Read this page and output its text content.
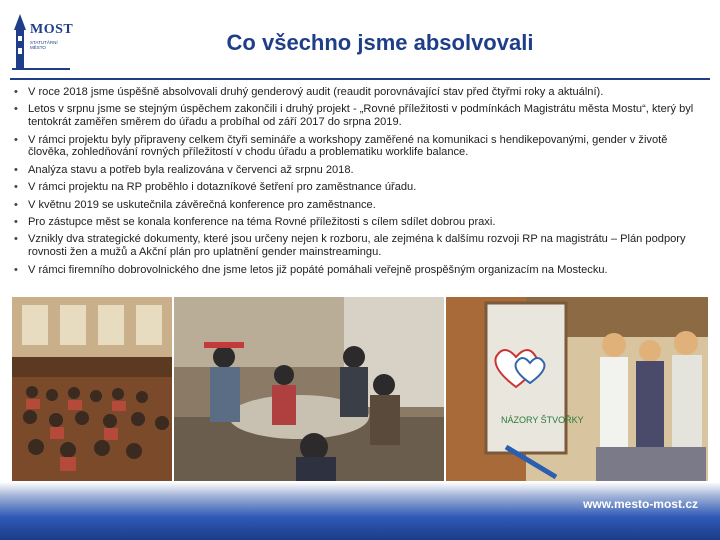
MOST
STATUTÁRNÍ MĚSTO	Co všechno jsme absolvovali
• V roce 2018 jsme úspěšně absolvovali druhý genderový audit (reaudit porovnávající stav před čtyřmi roky a aktuální).
• Letos v srpnu jsme se stejným úspěchem zakončili i druhý projekt - „Rovné příležitosti v podmínkách Magistrátu města Mostu“, který byl tentokrát zaměřen směrem do úřadu a probíhal od září 2017 do srpna 2019.
• V rámci projektu byly připraveny celkem čtyři semináře a workshopy zaměřené na komunikaci s hendikepovanými, gender v životě člověka, zohledňování rovných příležitostí v chodu úřadu a problematiku worklife balance.
• Analýza stavu a potřeb byla realizována v červenci až srpnu 2018.
• V rámci projektu na RP proběhlo i dotazníkové šetření pro zaměstnance úřadu.
• V květnu 2019 se uskutečnila závěrečná konference pro zaměstnance.
• Pro zástupce měst se konala konference na téma Rovné příležitosti s cílem sdílet dobrou praxi.
• Vznikly dva strategické dokumenty, které jsou určeny nejen k rozboru, ale zejména k dalšímu rozvoji RP na magistrátu – Plán podpory rovnosti žen a mužů a Akční plán pro uplatnění gender mainstreamingu.
• V rámci firemního dobrovolnického dne jsme letos již popáté pomáhali veřejně prospěšným organizacím na Mostecku.
NÁZORY ŠTVOŘKY
www.mesto-most.cz
